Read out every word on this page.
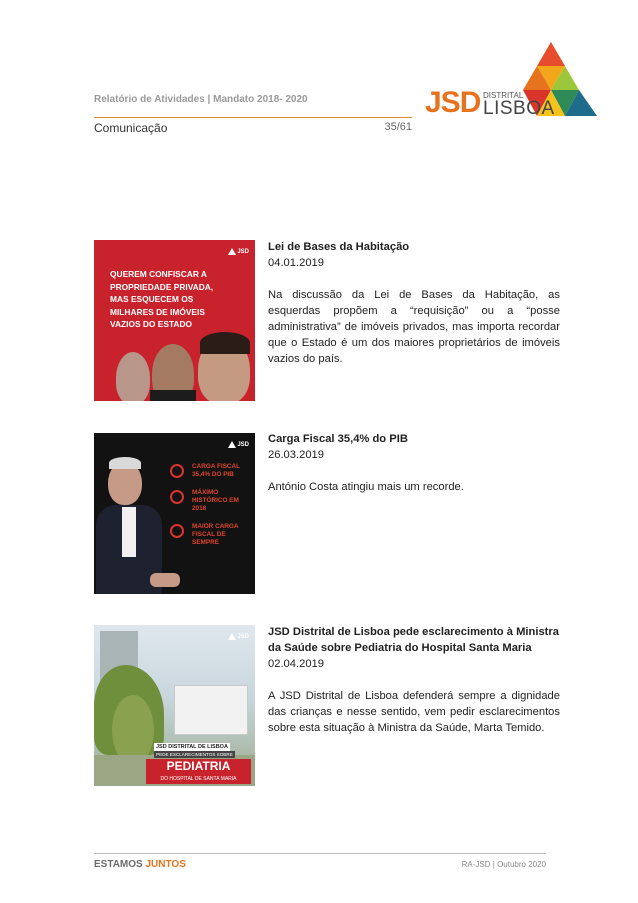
Relatório de Atividades | Mandato 2018- 2020
Comunicação	35/61
JSD DISTRITAL
LISBOA
JSD
QUEREM CONFISCAR A
PROPRIEDADE PRIVADA,
MAS ESQUECEM OS
MILHARES DE IMÓVEIS
VAZIOS DO ESTADO
Lei de Bases da Habitação
04.01.2019
Na discussão da Lei de Bases da Habitação, as esquerdas propõem a “requisição” ou a “posse administrativa” de imóveis privados, mas importa recordar que o Estado é um dos maiores proprietários de imóveis vazios do país.
JSD
CARGA FISCAL 35,4% DO PIB
MÁXIMO HISTÓRICO EM 2018
MAIOR CARGA FISCAL DE SEMPRE
Carga Fiscal 35,4% do PIB
26.03.2019
António Costa atingiu mais um recorde.
JSD
JSD DISTRITAL DE LISBOA
PEDE ESCLARECIMENTOS SOBRE
PEDIATRIA
DO HOSPITAL DE SANTA MARIA
JSD Distrital de Lisboa pede esclarecimento à Ministra da Saúde sobre Pediatria do Hospital Santa Maria
02.04.2019
A JSD Distrital de Lisboa defenderá sempre a dignidade das crianças e nesse sentido, vem pedir esclarecimentos sobre esta situação à Ministra da Saúde, Marta Temido.
ESTAMOS JUNTOS	RA-JSD | Outubro 2020
